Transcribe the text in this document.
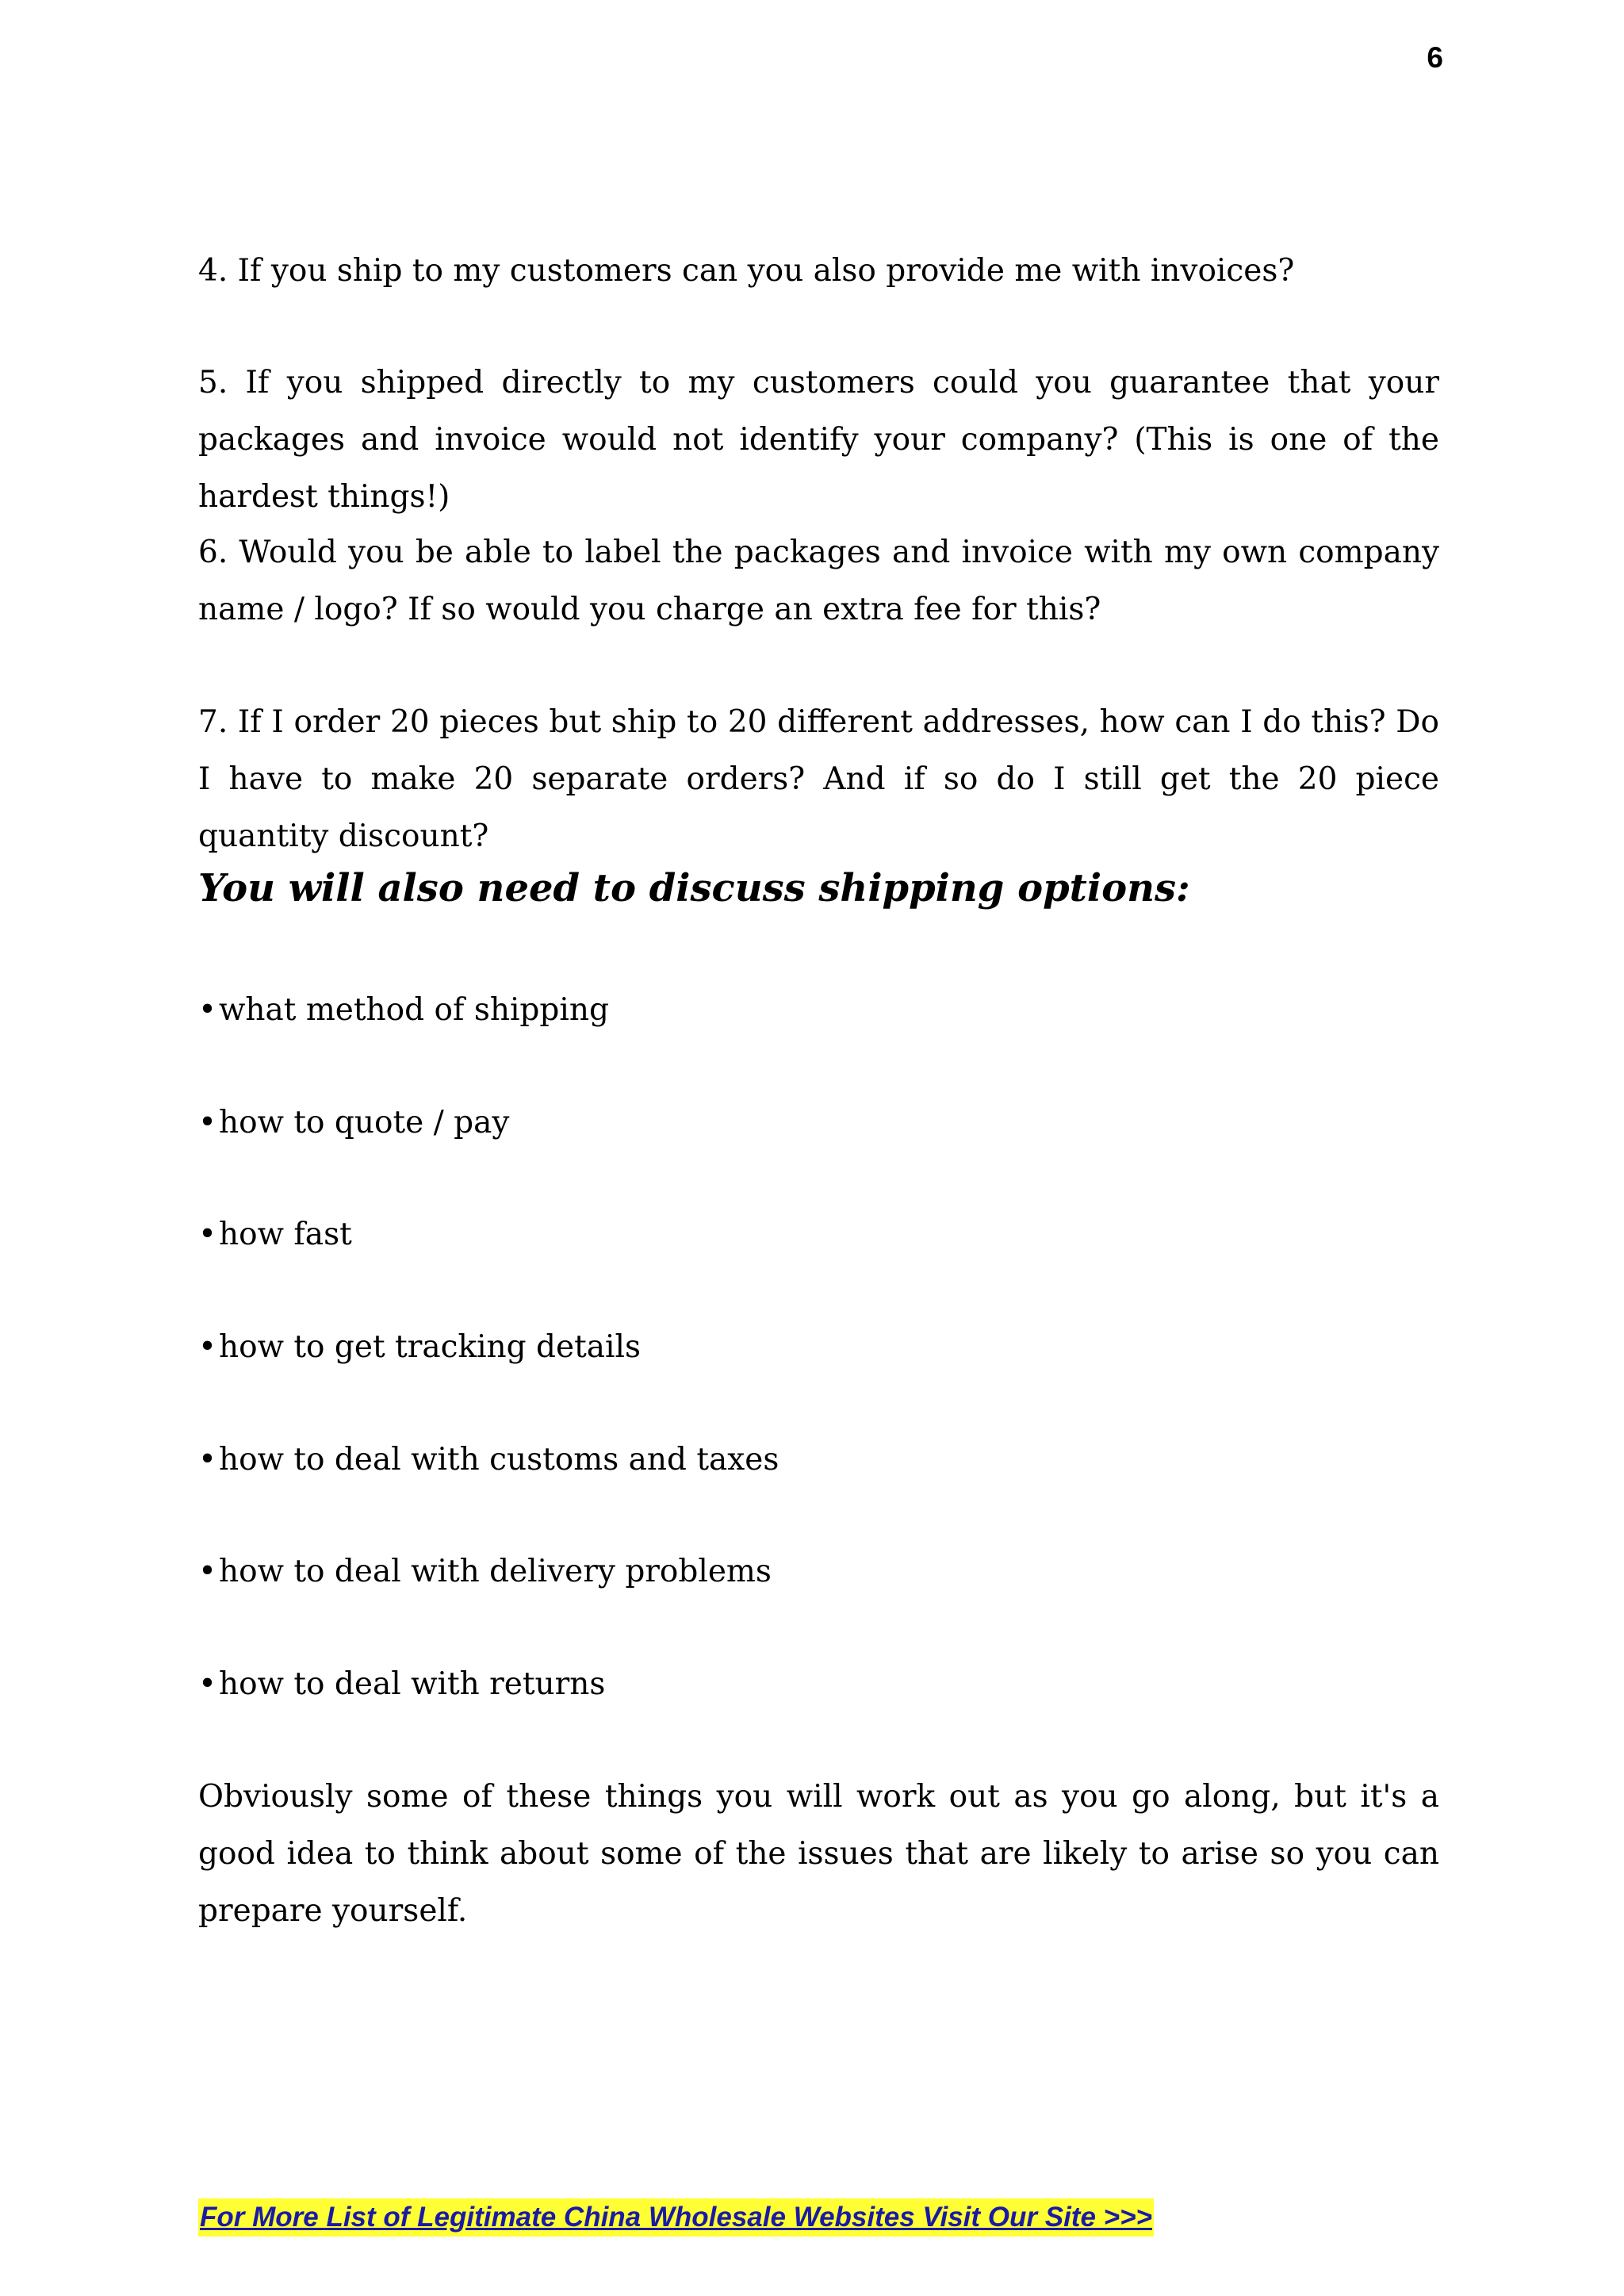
6

4. If you ship to my customers can you also provide me with invoices?

5. If you shipped directly to my customers could you guarantee that your packages and invoice would not identify your company? (This is one of the hardest things!)

6. Would you be able to label the packages and invoice with my own company name / logo? If so would you charge an extra fee for this?

7. If I order 20 pieces but ship to 20 different addresses, how can I do this? Do I have to make 20 separate orders? And if so do I still get the 20 piece quantity discount?

You will also need to discuss shipping options:
•what method of shipping
•how to quote / pay
•how fast
•how to get tracking details
•how to deal with customs and taxes
•how to deal with delivery problems
•how to deal with returns

Obviously some of these things you will work out as you go along, but it's a good idea to think about some of the issues that are likely to arise so you can prepare yourself.

For More List of Legitimate China Wholesale Websites Visit Our Site >>>
